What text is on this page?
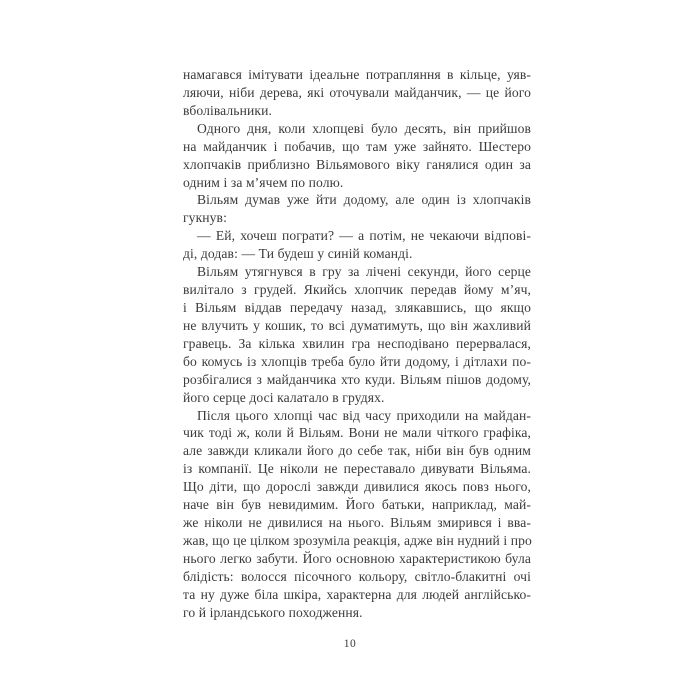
намагався імітувати ідеальне потрапляння в кільце, уяв-
ляючи, ніби дерева, які оточували майданчик, — це його
вболівальники.
Одного дня, коли хлопцеві було десять, він прийшов
на майданчик і побачив, що там уже зайнято. Шестеро
хлопчаків приблизно Вільямового віку ганялися один за
одним і за м’ячем по полю.
Вільям думав уже йти додому, але один із хлопчаків
гукнув:
— Ей, хочеш пограти? — а потім, не чекаючи відпові-
ді, додав: — Ти будеш у синій команді.
Вільям утягнувся в гру за лічені секунди, його серце
вилітало з грудей. Якийсь хлопчик передав йому м’яч,
і Вільям віддав передачу назад, злякавшись, що якщо
не влучить у кошик, то всі думатимуть, що він жахливий
гравець. За кілька хвилин гра несподівано перервалася,
бо комусь із хлопців треба було йти додому, і дітлахи по-
розбігалися з майданчика хто куди. Вільям пішов додому,
його серце досі калатало в грудях.
Після цього хлопці час від часу приходили на майдан-
чик тоді ж, коли й Вільям. Вони не мали чіткого графіка,
але завжди кликали його до себе так, ніби він був одним
із компанії. Це ніколи не переставало дивувати Вільяма.
Що діти, що дорослі завжди дивилися якось повз нього,
наче він був невидимим. Його батьки, наприклад, май-
же ніколи не дивилися на нього. Вільям змирився і вва-
жав, що це цілком зрозуміла реакція, адже він нудний і про
нього легко забути. Його основною характеристикою була
блідість: волосся пісочного кольору, світло-блакитні очі
та ну дуже біла шкіра, характерна для людей англійсько-
го й ірландського походження.
10
